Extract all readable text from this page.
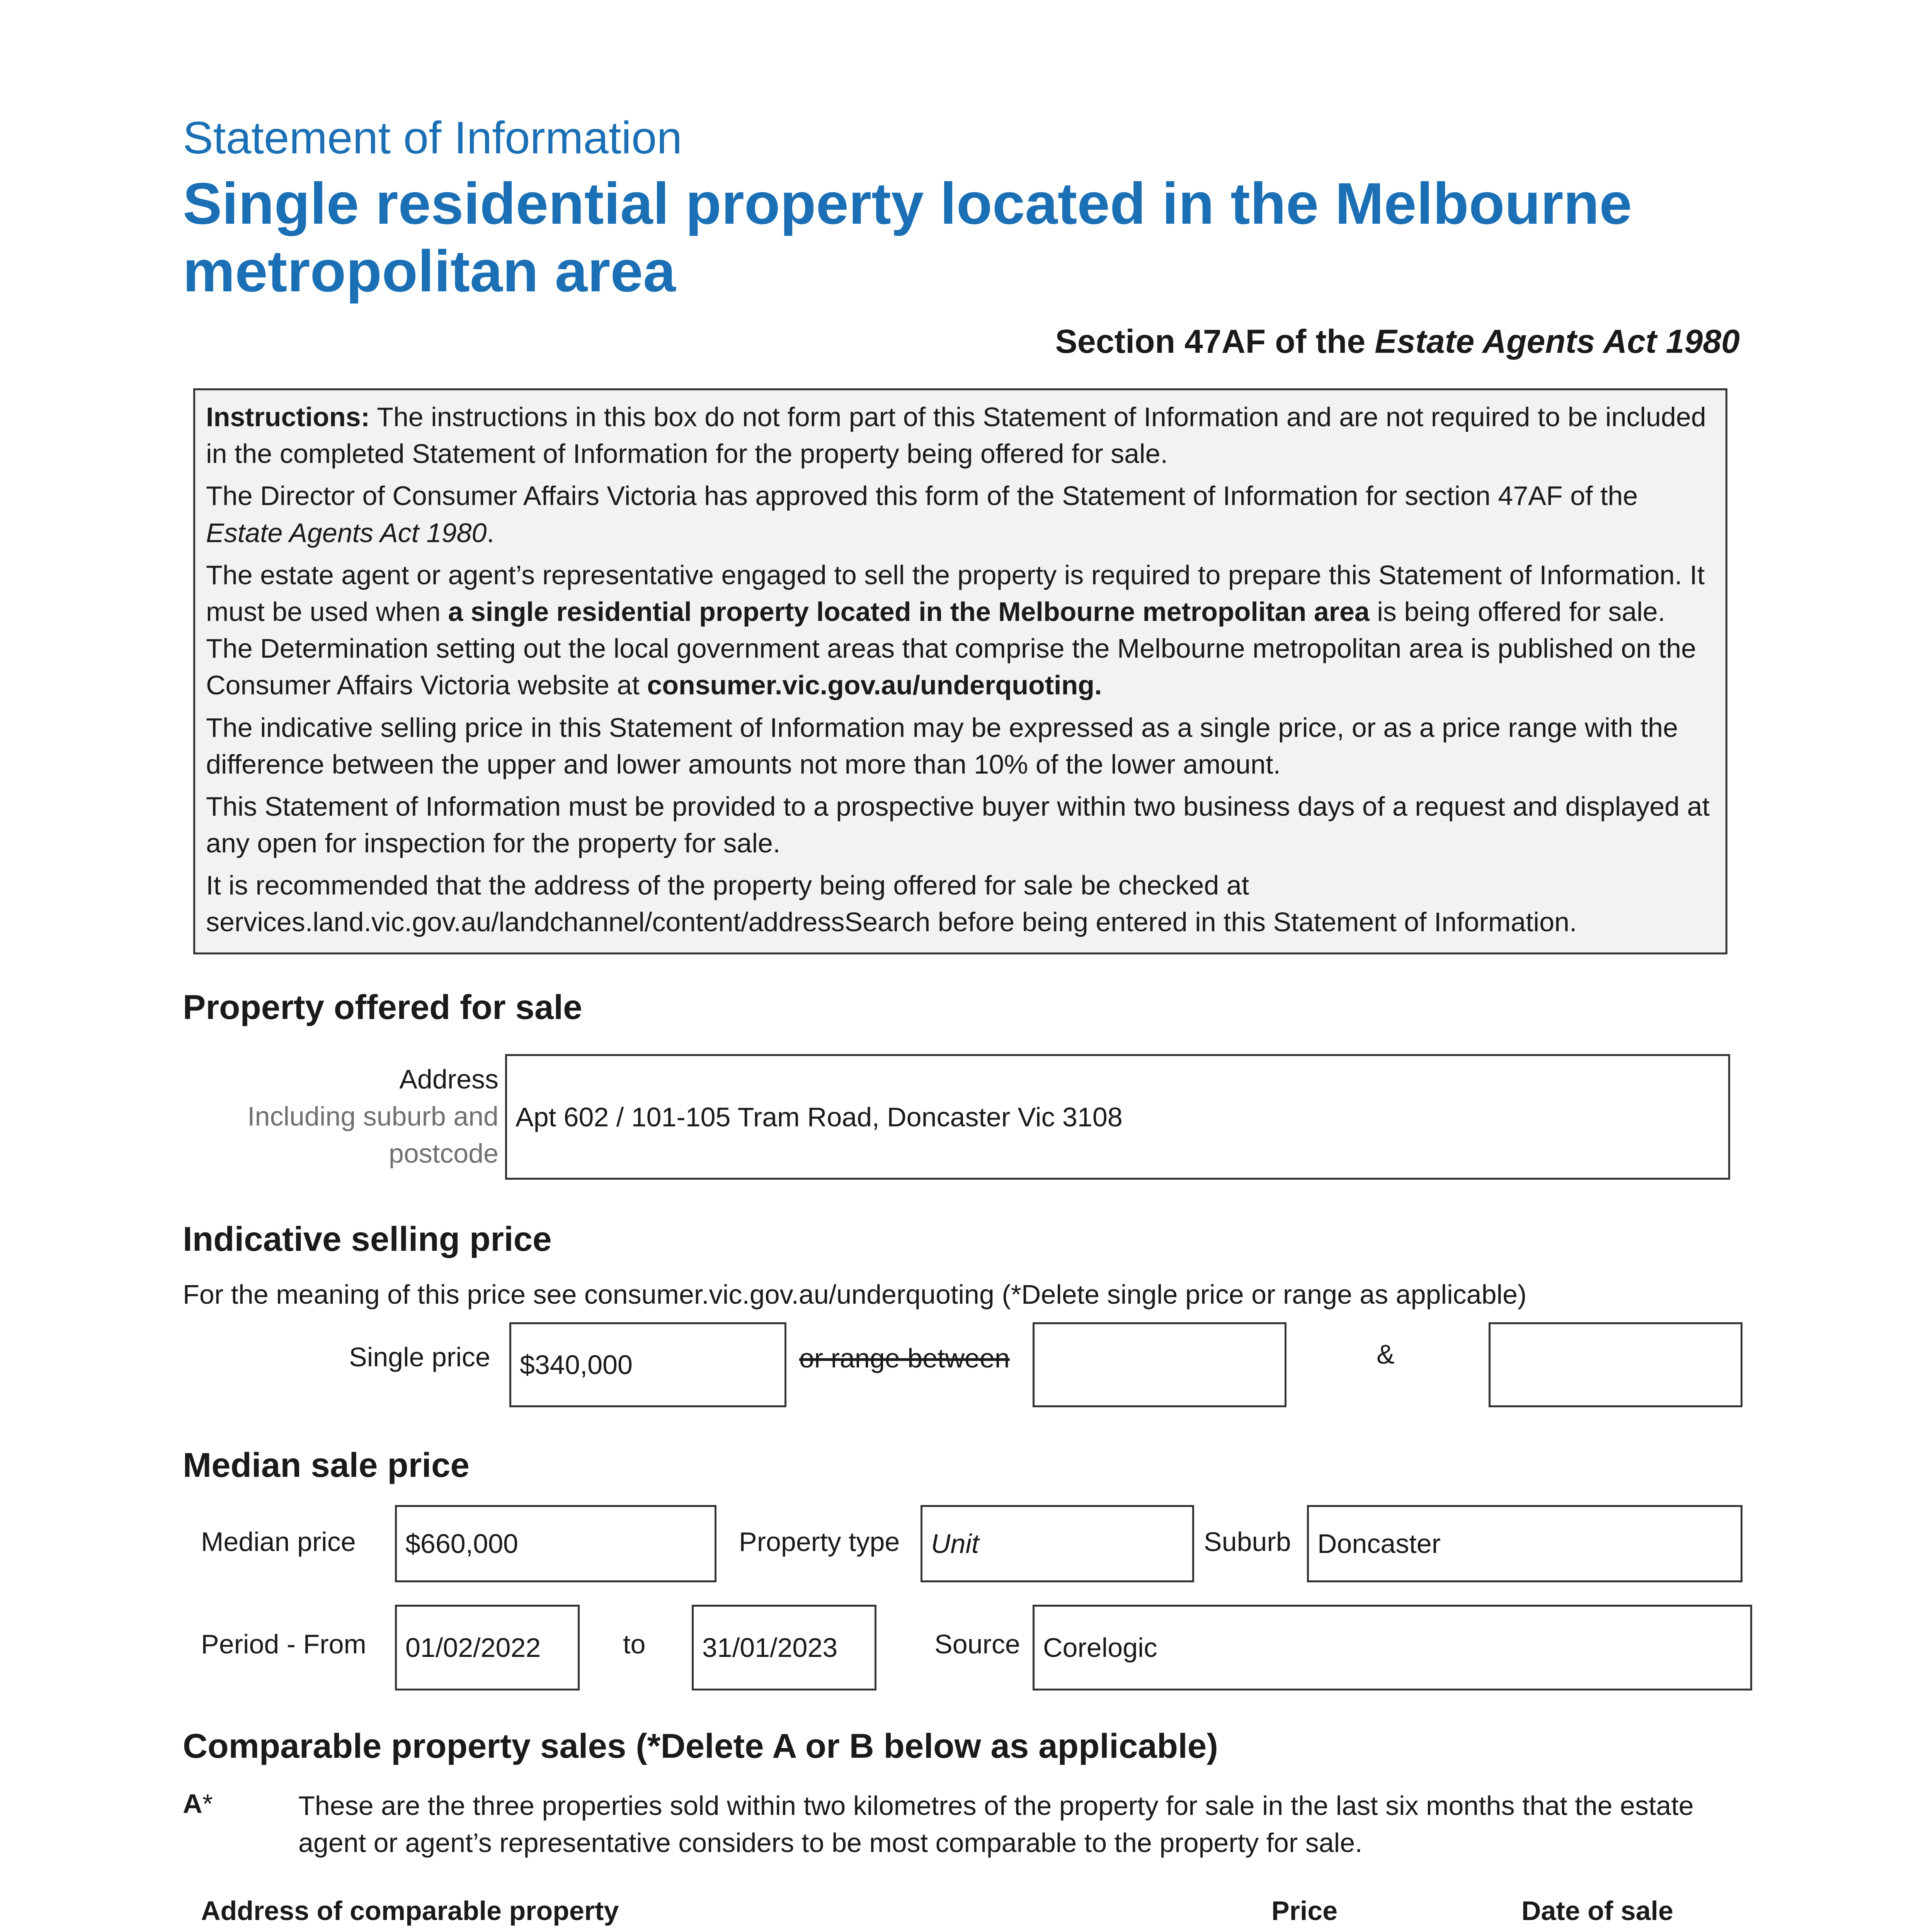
Statement of Information
Single residential property located in the Melbourne metropolitan area
Section 47AF of the Estate Agents Act 1980

Instructions: The instructions in this box do not form part of this Statement of Information and are not required to be included in the completed Statement of Information for the property being offered for sale.

The Director of Consumer Affairs Victoria has approved this form of the Statement of Information for section 47AF of the Estate Agents Act 1980.

The estate agent or agent’s representative engaged to sell the property is required to prepare this Statement of Information. It must be used when a single residential property located in the Melbourne metropolitan area is being offered for sale. The Determination setting out the local government areas that comprise the Melbourne metropolitan area is published on the Consumer Affairs Victoria website at consumer.vic.gov.au/underquoting.

The indicative selling price in this Statement of Information may be expressed as a single price, or as a price range with the difference between the upper and lower amounts not more than 10% of the lower amount.

This Statement of Information must be provided to a prospective buyer within two business days of a request and displayed at any open for inspection for the property for sale.

It is recommended that the address of the property being offered for sale be checked at services.land.vic.gov.au/landchannel/content/addressSearch before being entered in this Statement of Information.

Property offered for sale
Address
Including suburb and
postcode
Apt 602 / 101-105 Tram Road, Doncaster Vic 3108
Indicative selling price
For the meaning of this price see consumer.vic.gov.au/underquoting (*Delete single price or range as applicable)
Single price	$340,000	or range between	&
Median sale price
Median price	$660,000	Property type	Unit	Suburb Doncaster
Period - From	01/02/2022	to	31/01/2023	Source Corelogic
Comparable property sales (*Delete A or B below as applicable)
A*	These are the three properties sold within two kilometres of the property for sale in the last six months that the estate agent or agent’s representative considers to be most comparable to the property for sale.
Address of comparable property	Price	Date of sale
